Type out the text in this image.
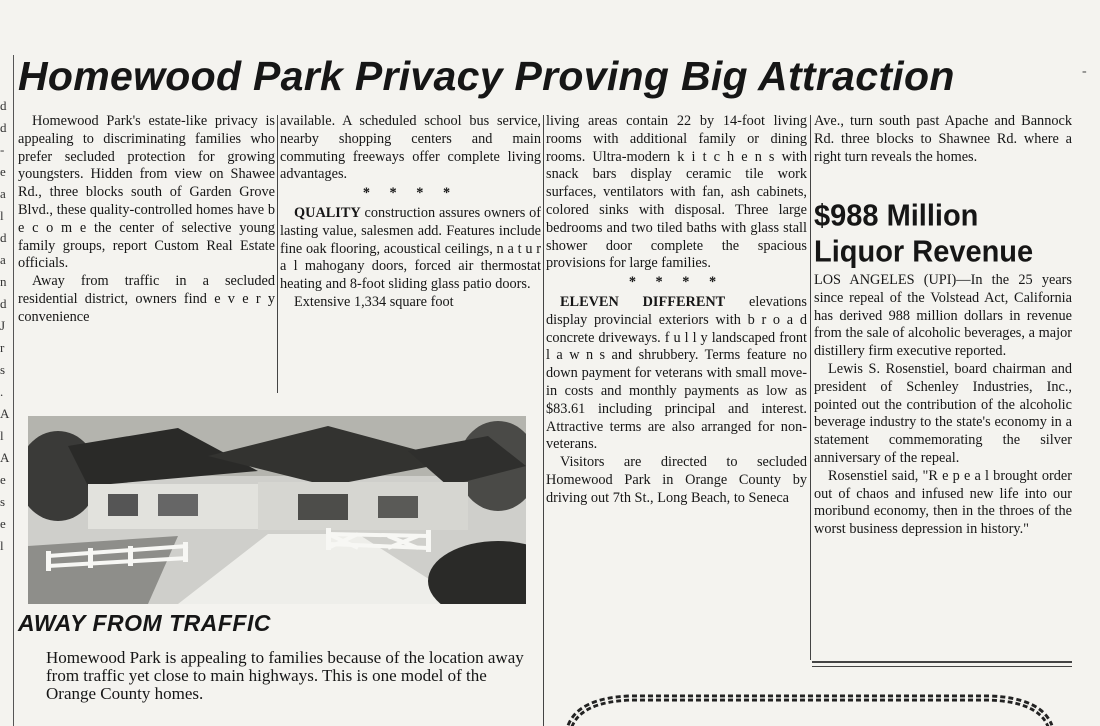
d
d
-
e
a
l
d
a
n
d
J
r
s
.
A
l
A
e
s
e
l
Homewood Park Privacy Proving Big Attraction	-

Homewood Park's estate-like privacy is appealing to discriminating families who prefer secluded protection for growing youngsters. Hidden from view on Shawee Rd., three blocks south of Garden Grove Blvd., these quality-controlled homes have b e c o m e the center of selective young family groups, report Custom Real Estate officials.

Away from traffic in a secluded residential district, owners find e v e r y convenience

available. A scheduled school bus service, nearby shopping centers and main commuting freeways offer complete living advantages.

* * * *

QUALITY construction assures owners of lasting value, salesmen add. Features include fine oak flooring, acoustical ceilings, n a t u r a l mahogany doors, forced air thermostat heating and 8-foot sliding glass patio doors.

Extensive 1,334 square foot

living areas contain 22 by 14-foot living rooms with additional family or dining rooms. Ultra-modern k i t c h e n s with snack bars display ceramic tile work surfaces, ventilators with fan, ash cabinets, colored sinks with disposal. Three large bedrooms and two tiled baths with glass stall shower door complete the spacious provisions for large families.

* * * *

ELEVEN DIFFERENT elevations display provincial exteriors with b r o a d concrete driveways. f u l l y landscaped front l a w n s and shrubbery. Terms feature no down payment for veterans with small move-in costs and monthly payments as low as $83.61 including principal and interest. Attractive terms are also arranged for non-veterans.

Visitors are directed to secluded Homewood Park in Orange County by driving out 7th St., Long Beach, to Seneca

Ave., turn south past Apache and Bannock Rd. three blocks to Shawnee Rd. where a right turn reveals the homes.

$988 Million
Liquor Revenue

LOS ANGELES (UPI)—In the 25 years since repeal of the Volstead Act, California has derived 988 million dollars in revenue from the sale of alcoholic beverages, a major distillery firm executive reported.

Lewis S. Rosenstiel, board chairman and president of Schenley Industries, Inc., pointed out the contribution of the alcoholic beverage industry to the state's economy in a statement commemorating the silver anniversary of the repeal.

Rosenstiel said, "R e p e a l brought order out of chaos and infused new life into our moribund economy, then in the throes of the worst business depression in history."

AWAY FROM TRAFFIC

Homewood Park is appealing to families because of the location away from traffic yet close to main highways. This is one model of the Orange County homes.
